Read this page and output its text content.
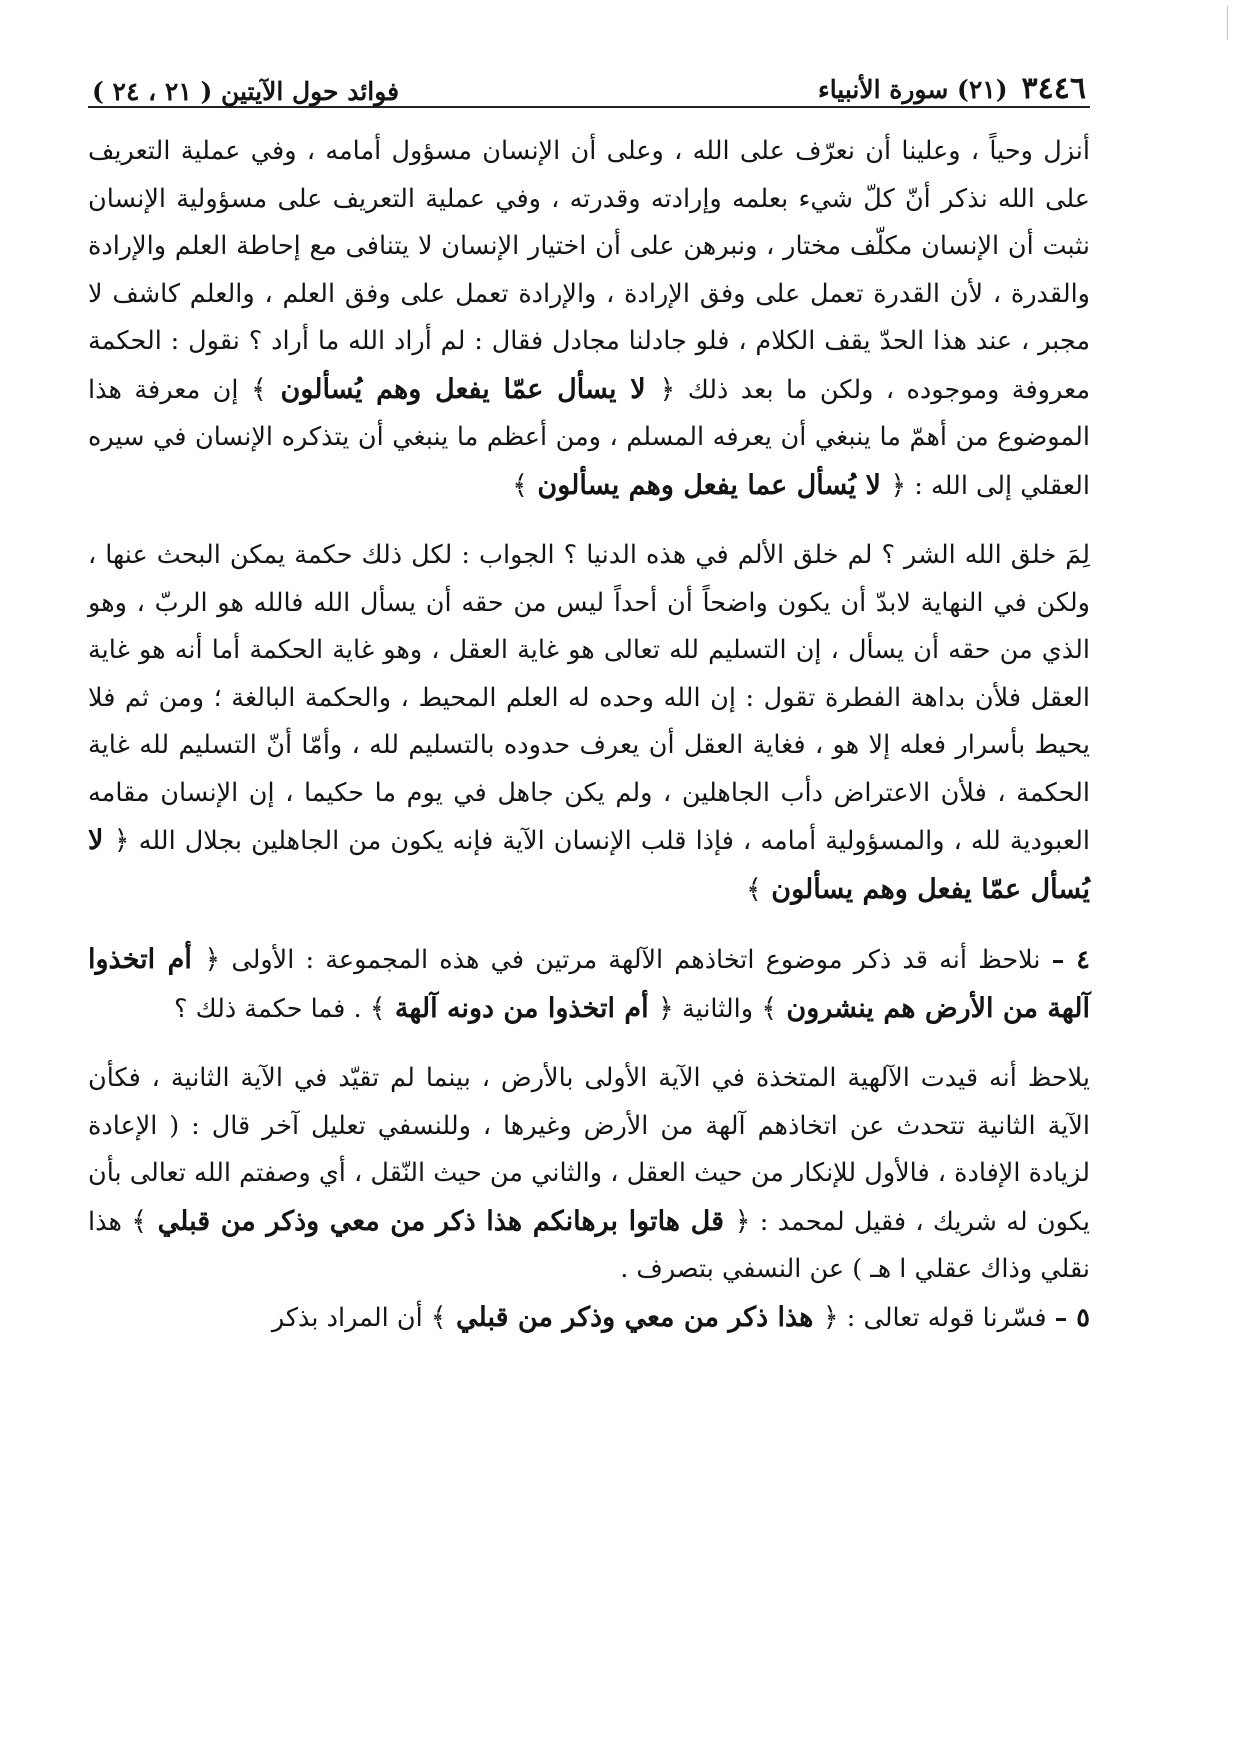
٣٤٤٦
(٢١) سورة الأنبياء
فوائد حول الآيتين ( ٢١ ، ٢٤ )

أنزل وحياً ، وعلينا أن نعرّف على الله ، وعلى أن الإنسان مسؤول أمامه ، وفي عملية التعريف على الله نذكر أنّ كلّ شيء بعلمه وإرادته وقدرته ، وفي عملية التعريف على مسؤولية الإنسان نثبت أن الإنسان مكلّف مختار ، ونبرهن على أن اختيار الإنسان لا يتنافى مع إحاطة العلم والإرادة والقدرة ، لأن القدرة تعمل على وفق الإرادة ، والإرادة تعمل على وفق العلم ، والعلم كاشف لا مجبر ، عند هذا الحدّ يقف الكلام ، فلو جادلنا مجادل فقال : لم أراد الله ما أراد ؟ نقول : الحكمة معروفة وموجوده ، ولكن ما بعد ذلك ﴿ لا يسأل عمّا يفعل وهم يُسألون ﴾ إن معرفة هذا الموضوع من أهمّ ما ينبغي أن يعرفه المسلم ، ومن أعظم ما ينبغي أن يتذكره الإنسان في سيره العقلي إلى الله : ﴿ لا يُسأل عما يفعل وهم يسألون ﴾

لِمَ خلق الله الشر ؟ لم خلق الألم في هذه الدنيا ؟ الجواب : لكل ذلك حكمة يمكن البحث عنها ، ولكن في النهاية لابدّ أن يكون واضحاً أن أحداً ليس من حقه أن يسأل الله فالله هو الربّ ، وهو الذي من حقه أن يسأل ، إن التسليم لله تعالى هو غاية العقل ، وهو غاية الحكمة أما أنه هو غاية العقل فلأن بداهة الفطرة تقول : إن الله وحده له العلم المحيط ، والحكمة البالغة ؛ ومن ثم فلا يحيط بأسرار فعله إلا هو ، فغاية العقل أن يعرف حدوده بالتسليم لله ، وأمّا أنّ التسليم لله غاية الحكمة ، فلأن الاعتراض دأب الجاهلين ، ولم يكن جاهل في يوم ما حكيما ، إن الإنسان مقامه العبودية لله ، والمسؤولية أمامه ، فإذا قلب الإنسان الآية فإنه يكون من الجاهلين بجلال الله ﴿ لا يُسأل عمّا يفعل وهم يسألون ﴾

٤ – نلاحظ أنه قد ذكر موضوع اتخاذهم الآلهة مرتين في هذه المجموعة : الأولى ﴿ أم اتخذوا آلهة من الأرض هم ينشرون ﴾ والثانية ﴿ أم اتخذوا من دونه آلهة ﴾ . فما حكمة ذلك ؟

يلاحظ أنه قيدت الآلهية المتخذة في الآية الأولى بالأرض ، بينما لم تقيّد في الآية الثانية ، فكأن الآية الثانية تتحدث عن اتخاذهم آلهة من الأرض وغيرها ، وللنسفي تعليل آخر قال : ( الإعادة لزيادة الإفادة ، فالأول للإنكار من حيث العقل ، والثاني من حيث النّقل ، أي وصفتم الله تعالى بأن يكون له شريك ، فقيل لمحمد : ﴿ قل هاتوا برهانكم هذا ذكر من معي وذكر من قبلي ﴾ هذا نقلي وذاك عقلي ا هـ ) عن النسفي بتصرف .

٥ – فسّرنا قوله تعالى : ﴿ هذا ذكر من معي وذكر من قبلي ﴾ أن المراد بذكر
